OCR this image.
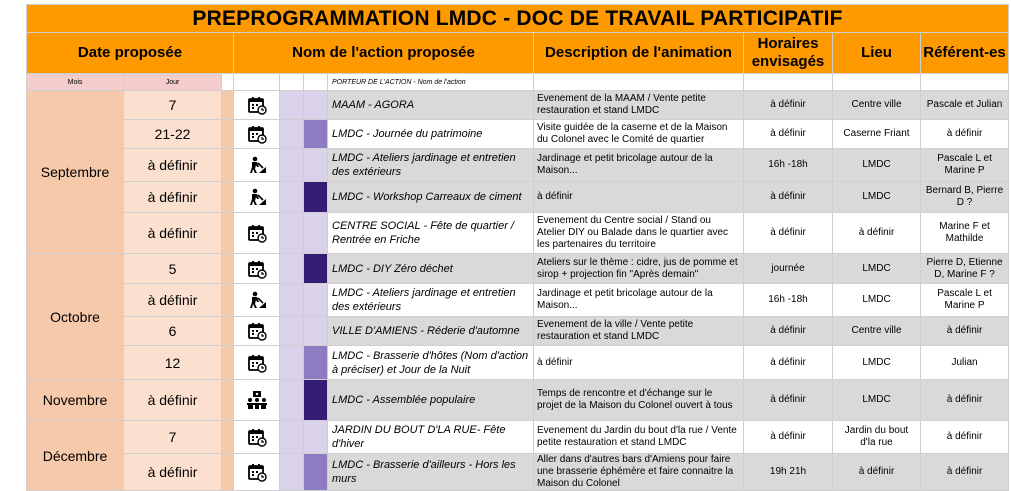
PREPROGRAMMATION LMDC - DOC DE TRAVAIL PARTICIPATIF										
Date proposée			Nom de l'action proposée				Description de l'animation	Horaires envisagés	Lieu	Référent-es
Mois	Jour					PORTEUR DE L'ACTION - Nom de l'action				
Septembre	7					MAAM - AGORA	Evenement de la MAAM / Vente petite restauration et stand LMDC	à définir	Centre ville	Pascale et Julian
	21-22					LMDC - Journée du patrimoine	Visite guidée de la caserne et de la Maison du Colonel avec le Comité de quartier	à définir	Caserne Friant	à définir
	à définir					LMDC - Ateliers jardinage et entretien des extérieurs	Jardinage et petit bricolage autour de la Maison...	16h -18h	LMDC	Pascale L et Marine P
	à définir					LMDC - Workshop Carreaux de ciment	à définir	à définir	LMDC	Bernard B, Pierre D ?
	à définir					CENTRE SOCIAL - Fête de quartier / Rentrée en Friche	Evenement du Centre social / Stand ou Atelier DIY ou Balade dans le quartier avec les partenaires du territoire	à définir	à définir	Marine F et Mathilde
Octobre	5					LMDC - DIY Zéro déchet	Ateliers sur le thème : cidre, jus de pomme et sirop + projection fin "Après demain"	journée	LMDC	Pierre D, Etienne D, Marine F ?
	à définir					LMDC - Ateliers jardinage et entretien des extérieurs	Jardinage et petit bricolage autour de la Maison...	16h -18h	LMDC	Pascale L et Marine P
	6					VILLE D'AMIENS - Réderie d'automne	Evenement de la ville / Vente petite restauration et stand LMDC	à définir	Centre ville	à définir
	12					LMDC - Brasserie d'hôtes (Nom d'action à préciser) et Jour de la Nuit	à définir	à définir	LMDC	Julian
Novembre	à définir					LMDC - Assemblée populaire	Temps de rencontre et d'échange sur le projet de la Maison du Colonel ouvert à tous	à définir	LMDC	à définir
Décembre	7					JARDIN DU BOUT D'LA RUE- Fête d'hiver	Evenement du Jardin du bout d'la rue / Vente petite restauration et stand LMDC	à définir	Jardin du bout d'la rue	à définir
	à définir					LMDC - Brasserie d'ailleurs - Hors les murs	Aller dans d'autres bars d'Amiens pour faire une brasserie éphémère et faire connaitre la Maison du Colonel	19h 21h	à définir	à définir
